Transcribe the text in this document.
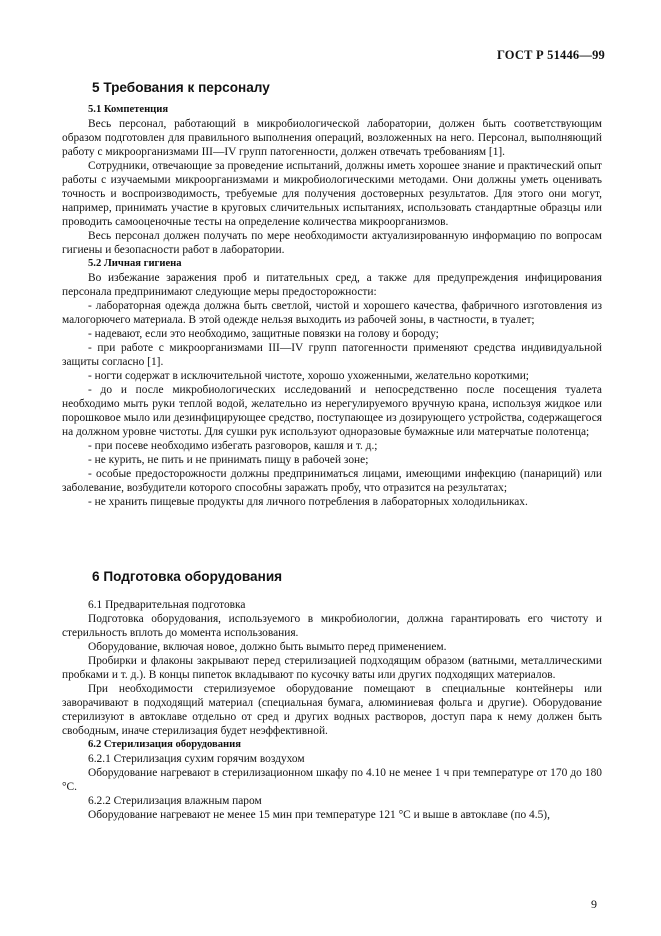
ГОСТ Р 51446—99
5 Требования к персоналу

5.1 Компетенция

Весь персонал, работающий в микробиологической лаборатории, должен быть соответствующим образом подготовлен для правильного выполнения операций, возложенных на него. Персонал, выполняющий работу с микроорганизмами III—IV групп патогенности, должен отвечать требованиям [1].

Сотрудники, отвечающие за проведение испытаний, должны иметь хорошее знание и практический опыт работы с изучаемыми микроорганизмами и микробиологическими методами. Они должны уметь оценивать точность и воспроизводимость, требуемые для получения достоверных результатов. Для этого они могут, например, принимать участие в круговых сличительных испытаниях, использовать стандартные образцы или проводить самооценочные тесты на определение количества микроорганизмов.

Весь персонал должен получать по мере необходимости актуализированную информацию по вопросам гигиены и безопасности работ в лаборатории.

5.2 Личная гигиена

Во избежание заражения проб и питательных сред, а также для предупреждения инфицирования персонала предпринимают следующие меры предосторожности:

- лабораторная одежда должна быть светлой, чистой и хорошего качества, фабричного изготовления из малогорючего материала. В этой одежде нельзя выходить из рабочей зоны, в частности, в туалет;

- надевают, если это необходимо, защитные повязки на голову и бороду;

- при работе с микроорганизмами III—IV групп патогенности применяют средства индивидуальной защиты согласно [1].

- ногти содержат в исключительной чистоте, хорошо ухоженными, желательно короткими;

- до и после микробиологических исследований и непосредственно после посещения туалета необходимо мыть руки теплой водой, желательно из нерегулируемого вручную крана, используя жидкое или порошковое мыло или дезинфицирующее средство, поступающее из дозирующего устройства, содержащегося на должном уровне чистоты. Для сушки рук используют одноразовые бумажные или матерчатые полотенца;

- при посеве необходимо избегать разговоров, кашля и т. д.;

- не курить, не пить и не принимать пищу в рабочей зоне;

- особые предосторожности должны предприниматься лицами, имеющими инфекцию (панариций) или заболевание, возбудители которого способны заражать пробу, что отразится на результатах;

- не хранить пищевые продукты для личного потребления в лабораторных холодильниках.

6 Подготовка оборудования

6.1 Предварительная подготовка

Подготовка оборудования, используемого в микробиологии, должна гарантировать его чистоту и стерильность вплоть до момента использования.

Оборудование, включая новое, должно быть вымыто перед применением.

Пробирки и флаконы закрывают перед стерилизацией подходящим образом (ватными, металлическими пробками и т. д.). В концы пипеток вкладывают по кусочку ваты или других подходящих материалов.

При необходимости стерилизуемое оборудование помещают в специальные контейнеры или заворачивают в подходящий материал (специальная бумага, алюминиевая фольга и другие). Оборудование стерилизуют в автоклаве отдельно от сред и других водных растворов, доступ пара к нему должен быть свободным, иначе стерилизация будет неэффективной.

6.2 Стерилизация оборудования

6.2.1 Стерилизация сухим горячим воздухом

Оборудование нагревают в стерилизационном шкафу по 4.10 не менее 1 ч при температуре от 170 до 180 °С.

6.2.2 Стерилизация влажным паром

Оборудование нагревают не менее 15 мин при температуре 121 °С и выше в автоклаве (по 4.5),

9
